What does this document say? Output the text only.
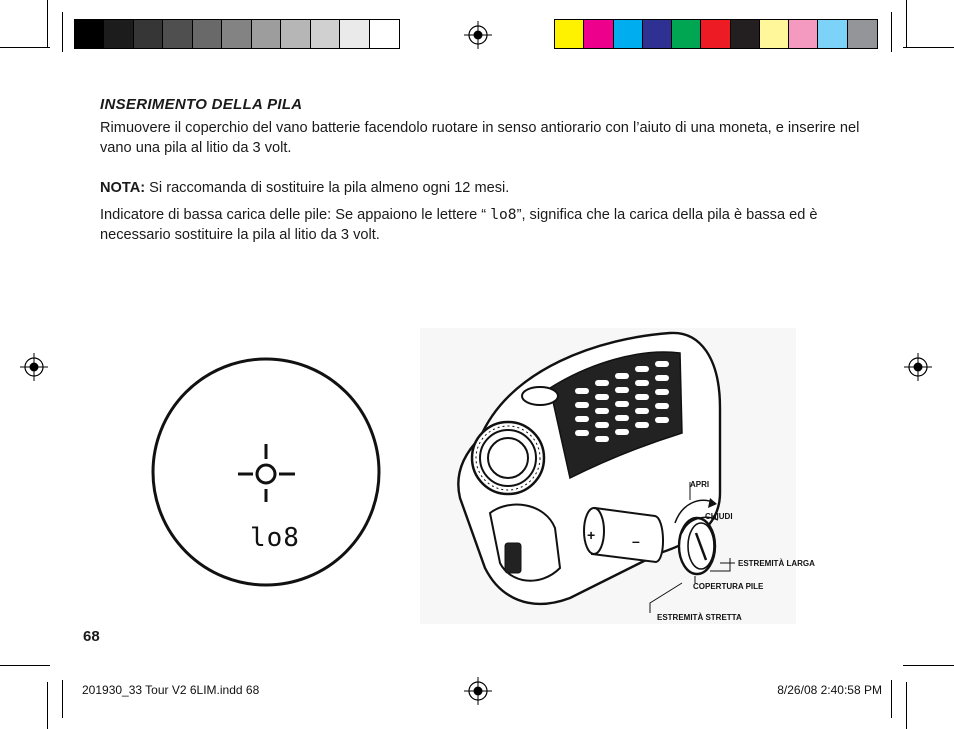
INSERIMENTO DELLA PILA
Rimuovere il coperchio del vano batterie facendolo ruotare in senso antiorario con l’aiuto di una moneta, e inserire nel vano una pila al litio da 3 volt.
NOTA: Si raccomanda di sostituire la pila almeno ogni 12 mesi.
Indicatore di bassa carica delle pile: Se appaiono le lettere “ lo8”, significa che la carica della pila è bassa ed è necessario sostituire la pila al litio da 3 volt.
lo8	+	–
APRI
CHIUDI
ESTREMITÀ LARGA
COPERTURA PILE
ESTREMITÀ STRETTA
68
201930_33 Tour V2 6LIM.indd 68	8/26/08 2:40:58 PM
